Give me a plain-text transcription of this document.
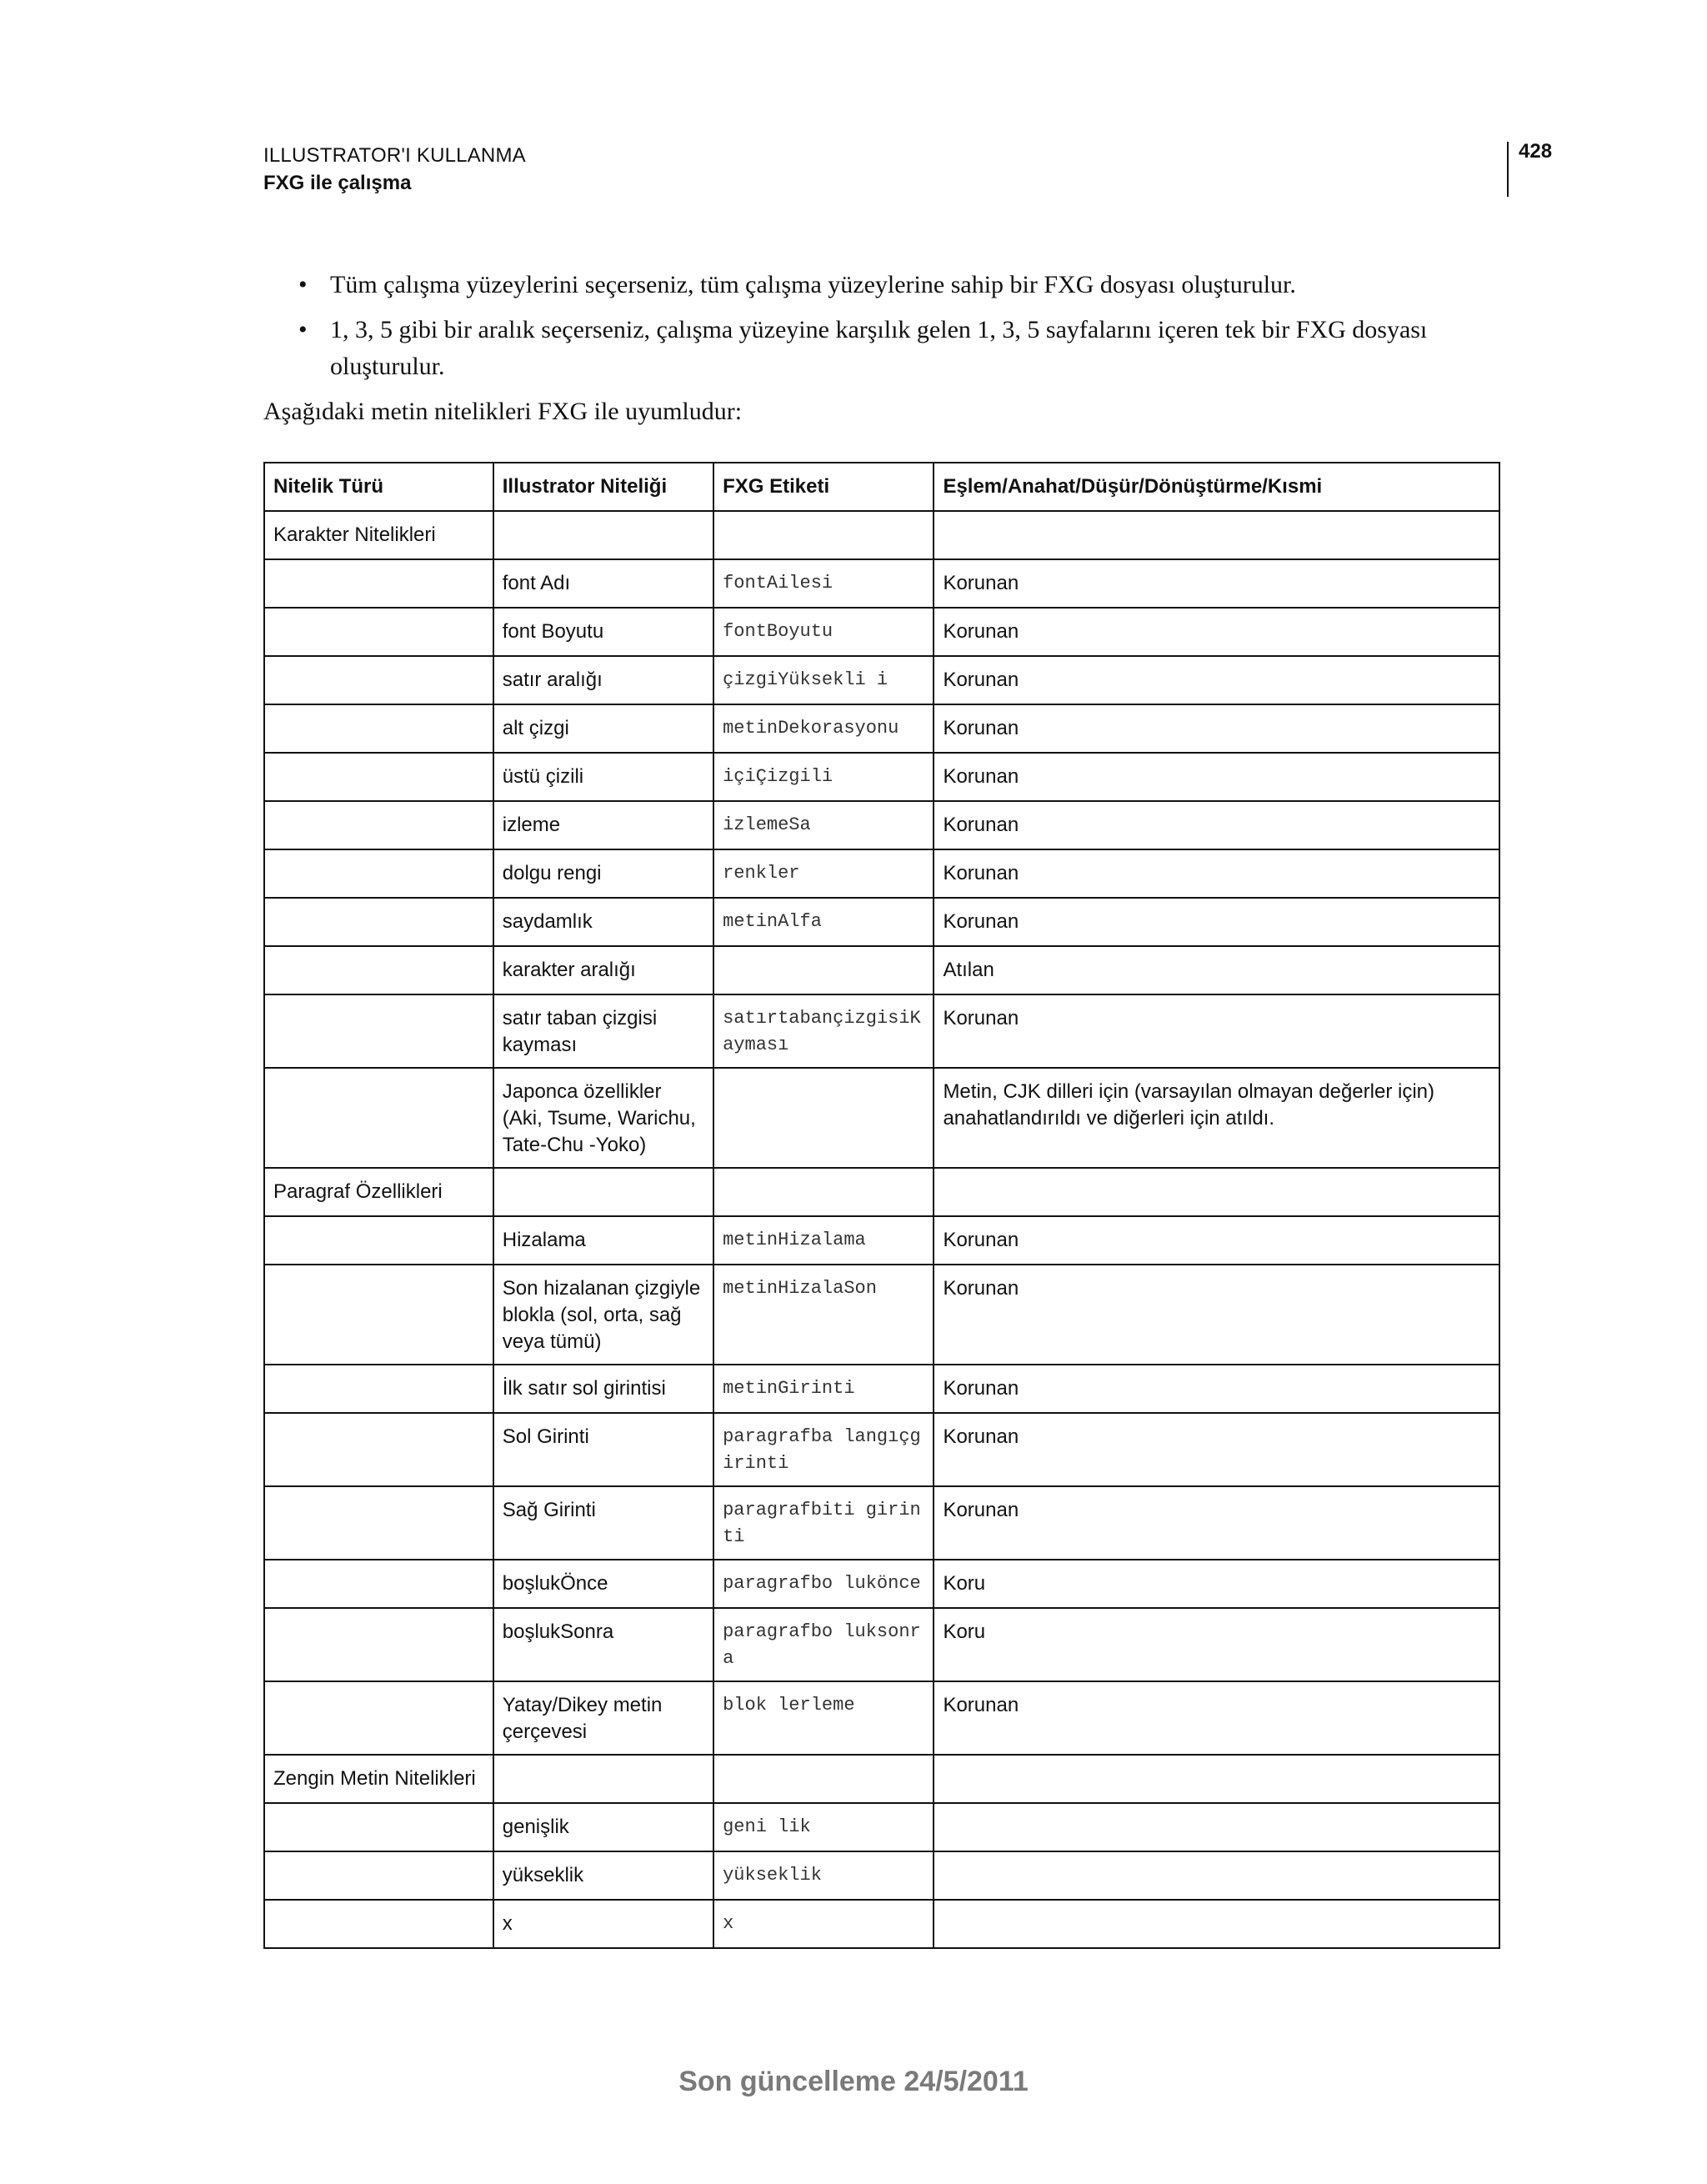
ILLUSTRATOR'I KULLANMA
FXG ile çalışma
428
• Tüm çalışma yüzeylerini seçerseniz, tüm çalışma yüzeylerine sahip bir FXG dosyası oluşturulur.
• 1, 3, 5 gibi bir aralık seçerseniz, çalışma yüzeyine karşılık gelen 1, 3, 5 sayfalarını içeren tek bir FXG dosyası oluşturulur.
Aşağıdaki metin nitelikleri FXG ile uyumludur:
Nitelik Türü	Illustrator Niteliği	FXG Etiketi	Eşlem/Anahat/Düşür/Dönüştürme/Kısmi
Karakter Nitelikleri			
	font Adı	fontAilesi	Korunan
	font Boyutu	fontBoyutu	Korunan
	satır aralığı	çizgiYüksekli i	Korunan
	alt çizgi	metinDekorasyonu	Korunan
	üstü çizili	içiÇizgili	Korunan
	izleme	izlemeSa	Korunan
	dolgu rengi	renkler	Korunan
	saydamlık	metinAlfa	Korunan
	karakter aralığı		Atılan
	satır taban çizgisi kayması	satırtabançizgisiKayması	Korunan
	Japonca özellikler (Aki, Tsume, Warichu, Tate-Chu -Yoko)		Metin, CJK dilleri için (varsayılan olmayan değerler için) anahatlandırıldı ve diğerleri için atıldı.
Paragraf Özellikleri			
	Hizalama	metinHizalama	Korunan
	Son hizalanan çizgiyle blokla (sol, orta, sağ veya tümü)	metinHizalaSon	Korunan
	İlk satır sol girintisi	metinGirinti	Korunan
	Sol Girinti	paragrafba langıçg irinti	Korunan
	Sağ Girinti	paragrafbiti girin ti	Korunan
	boşlukÖnce	paragrafbo lukönce	Koru
	boşlukSonra	paragrafbo luksonr a	Koru
	Yatay/Dikey metin çerçevesi	blok lerleme	Korunan
Zengin Metin Nitelikleri			
	genişlik	geni lik	
	yükseklik	yükseklik	
	x	x	
Son güncelleme 24/5/2011
